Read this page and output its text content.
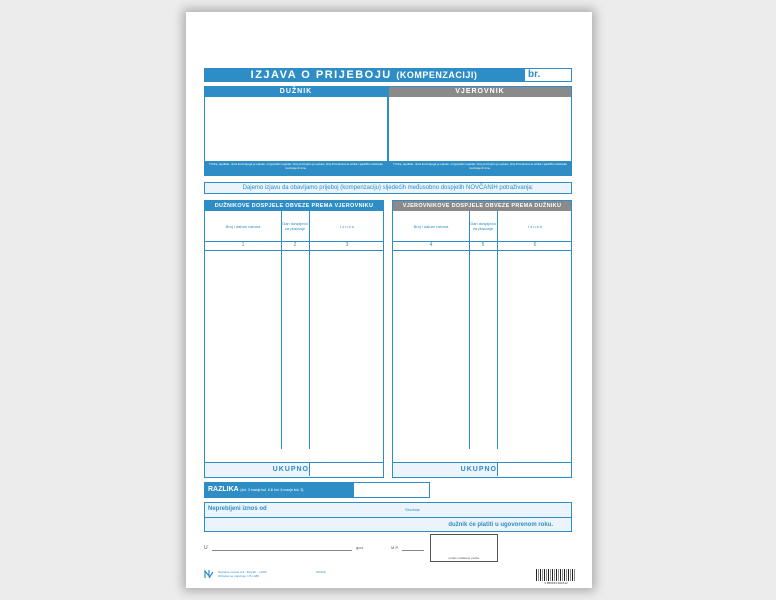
IZJAVA O PRIJEBOJU (KOMPENZACIJI)	br.
DUŽNIK
Tvrtka, sjedište, ured kod kojega je upisan u trgovački registar, broj pod kojim je upisan, broj žiroračuna te tvrtka i sjedište institucije kod koje ih ima.
VJEROVNIK
Tvrtka, sjedište, ured kod kojega je upisan u trgovački registar, broj pod kojim je upisan, broj žiroračuna te tvrtka i sjedište institucije kod koje ih ima.
Dajemo izjavu da obavljamo prijeboj (kompenzaciju) sljedećih međusobno dospjelih NOVČANIH potraživanja:
DUŽNIKOVE DOSPJELE OBVEZE PREMA VJEROVNIKU
Broj i datum računa	Dan dospijeća za plaćanje	I z n o s
1	2	3
UKUPNO
VJEROVNIKOVE DOSPJELE OBVEZE PREMA DUŽNIKU
Broj i datum računa	Dan dospijeća za plaćanje	I z n o s
4	5	6
UKUPNO
RAZLIKA (kol. 3 manje kol. 6 ili kol. 6 manje kol. 3)
Neprebijeni iznos od	Slovima:
dužnik će platiti u ugovorenom roku.
U	god.	M.P.
potpis ovlaštene osobe
Narodne novine d.d., Zagreb – (100)
Obrazac se naručuje: UT-I-480
311190
3 850153 901612
